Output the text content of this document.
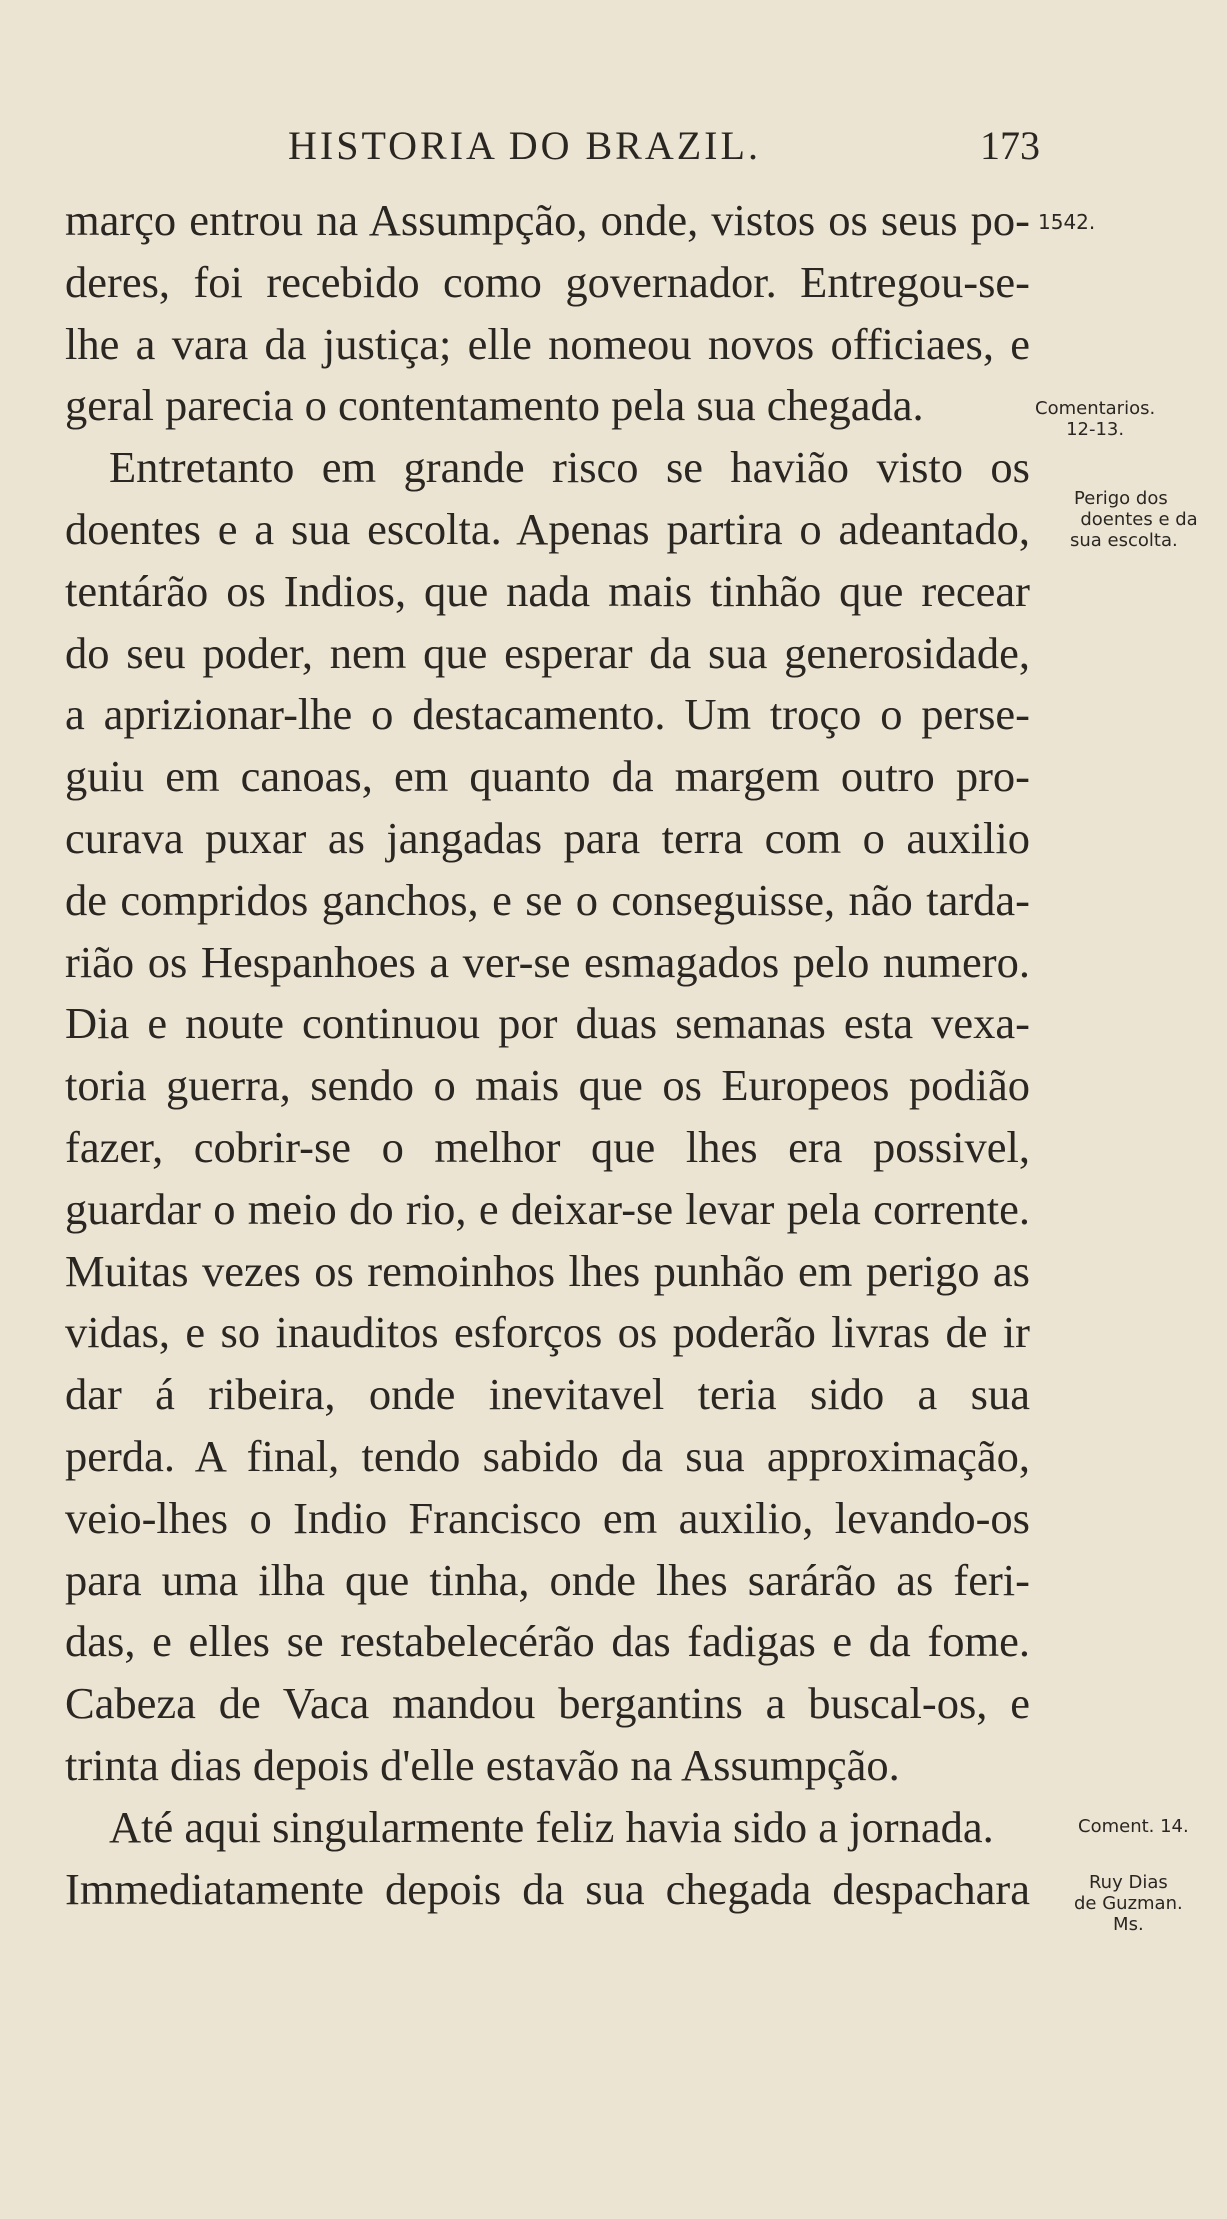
HISTORIA DO BRAZIL.	173
março entrou na Assumpção, onde, vistos os seus po-
deres, foi recebido como governador. Entregou-se-
lhe a vara da justiça; elle nomeou novos officiaes, e
geral parecia o contentamento pela sua chegada.
Entretanto em grande risco se havião visto os
doentes e a sua escolta. Apenas partira o adeantado,
tentárão os Indios, que nada mais tinhão que recear
do seu poder, nem que esperar da sua generosidade,
a aprizionar-lhe o destacamento. Um troço o perse-
guiu em canoas, em quanto da margem outro pro-
curava puxar as jangadas para terra com o auxilio
de compridos ganchos, e se o conseguisse, não tarda-
rião os Hespanhoes a ver-se esmagados pelo numero.
Dia e noute continuou por duas semanas esta vexa-
toria guerra, sendo o mais que os Europeos podião
fazer, cobrir-se o melhor que lhes era possivel,
guardar o meio do rio, e deixar-se levar pela corrente.
Muitas vezes os remoinhos lhes punhão em perigo as
vidas, e so inauditos esforços os poderão livras de ir
dar á ribeira, onde inevitavel teria sido a sua
perda. A final, tendo sabido da sua approximação,
veio-lhes o Indio Francisco em auxilio, levando-os
para uma ilha que tinha, onde lhes sarárão as feri-
das, e elles se restabelecérão das fadigas e da fome.
Cabeza de Vaca mandou bergantins a buscal-os, e
trinta dias depois d'elle estavão na Assumpção.
Até aqui singularmente feliz havia sido a jornada.
Immediatamente depois da sua chegada despachara
1542.
Comentarios.
12-13.
Perigo dos
doentes e da
sua escolta.
Coment. 14.
Ruy Dias
de Guzman.
Ms.
